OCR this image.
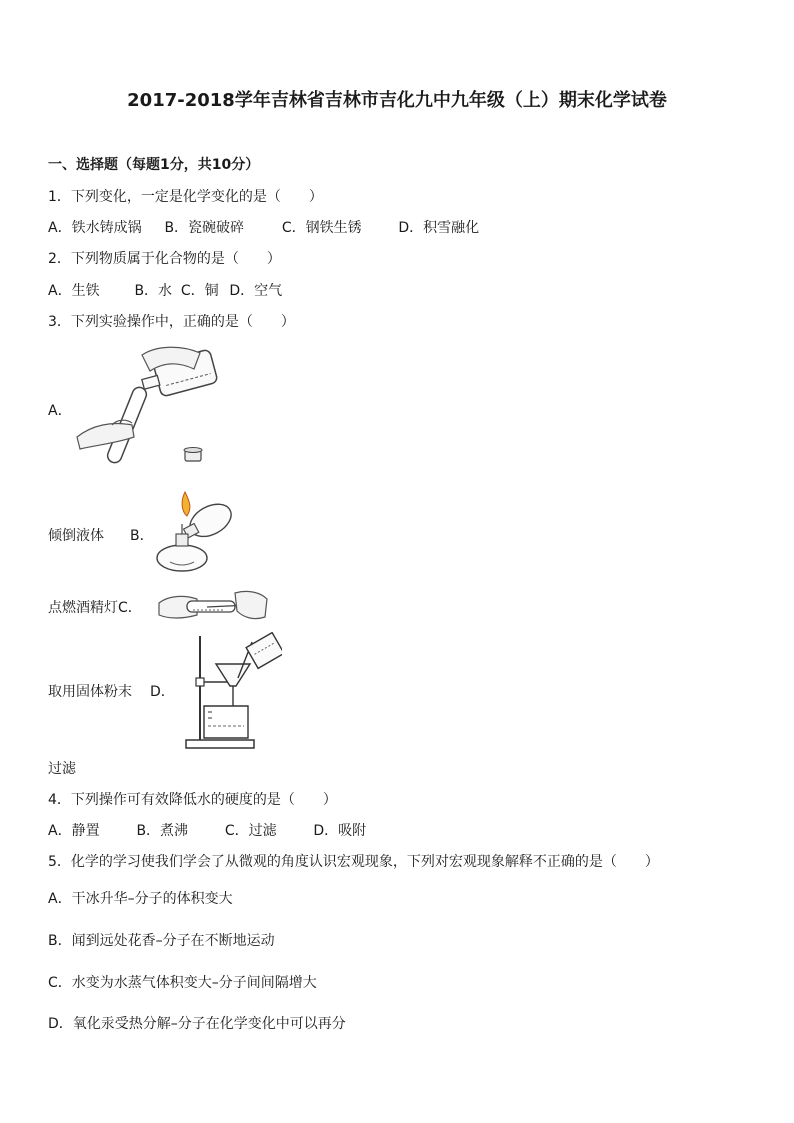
2017-2018学年吉林省吉林市吉化九中九年级（上）期末化学试卷
一、选择题（每题1分，共10分）
1．下列变化，一定是化学变化的是（　　）
A．铁水铸成锅 B．瓷碗破碎	C．钢铁生锈	D．积雪融化
2．下列物质属于化合物的是（　　）
A．生铁 B．水 C．铜 D．空气
3．下列实验操作中，正确的是（　　）
A．
倾倒液体 B．
点燃酒精灯C．
取用固体粉末 D．
过滤
4．下列操作可有效降低水的硬度的是（　　）
A．静置	B．煮沸	C．过滤	D．吸附
5．化学的学习使我们学会了从微观的角度认识宏观现象，下列对宏观现象解释不正确的是（　　）
A．干冰升华–分子的体积变大
B．闻到远处花香–分子在不断地运动
C．水变为水蒸气体积变大–分子间间隔增大
D．氧化汞受热分解–分子在化学变化中可以再分
